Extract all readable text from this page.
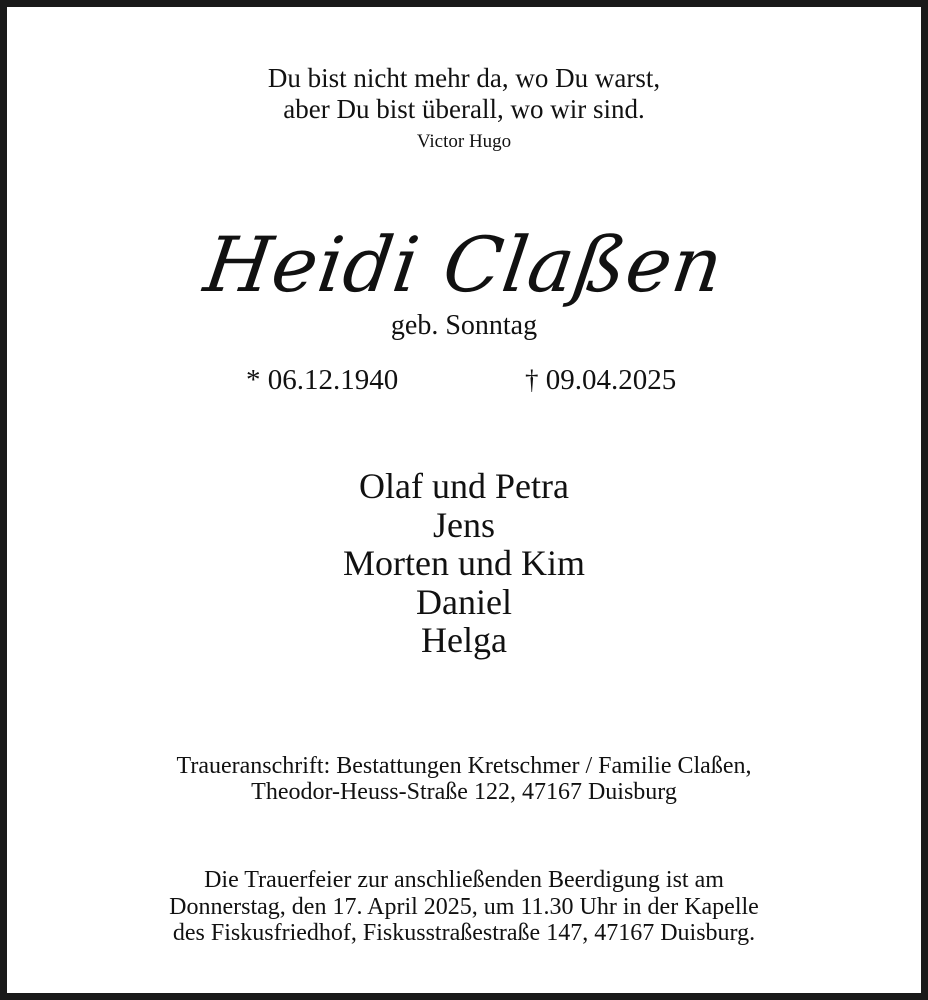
Du bist nicht mehr da, wo Du warst,
aber Du bist überall, wo wir sind.
Victor Hugo
Heidi Claßen
geb. Sonntag
* 06.12.1940	† 09.04.2025
Olaf und Petra
Jens
Morten und Kim
Daniel
Helga
Traueranschrift: Bestattungen Kretschmer / Familie Claßen,
Theodor-Heuss-Straße 122, 47167 Duisburg
Die Trauerfeier zur anschließenden Beerdigung ist am
Donnerstag, den 17. April 2025, um 11.30 Uhr in der Kapelle
des Fiskusfriedhof, Fiskusstraßestraße 147, 47167 Duisburg.
